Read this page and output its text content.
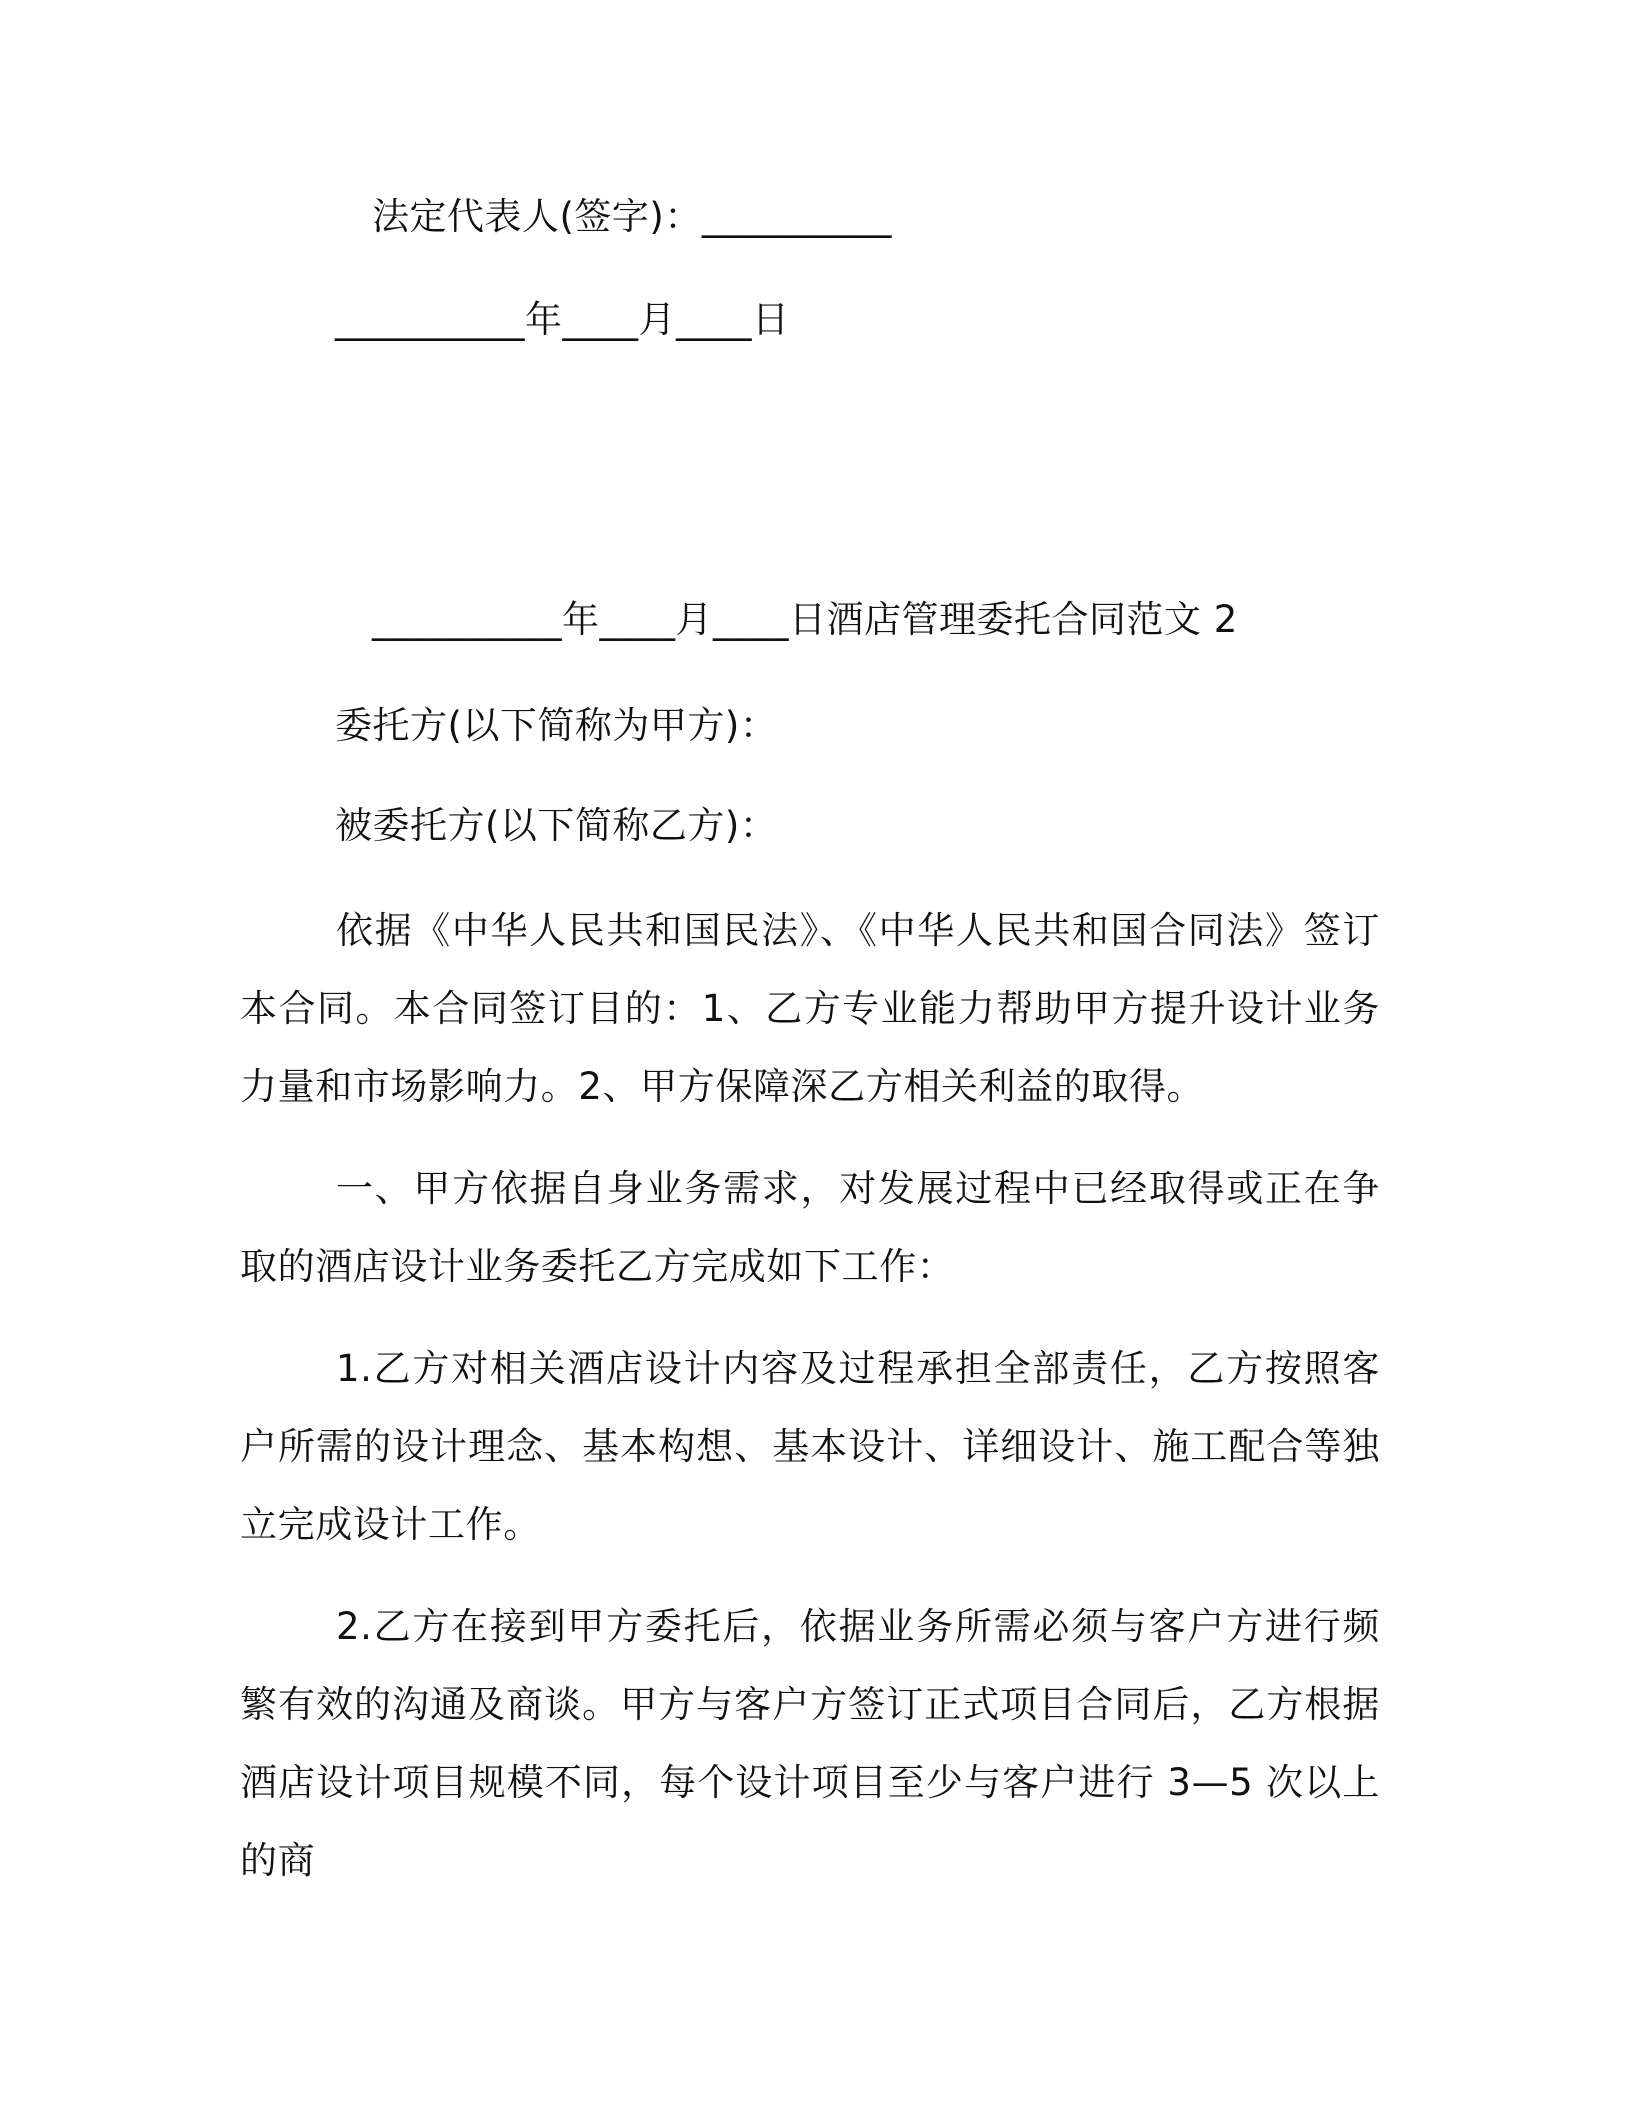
法定代表人(签字)：__________
__________年____月____日
__________年____月____日酒店管理委托合同范文 2
委托方(以下简称为甲方)：
被委托方(以下简称乙方)：
依据《中华人民共和国民法》、《中华人民共和国合同法》签订本合同。本合同签订目的：1、乙方专业能力帮助甲方提升设计业务力量和市场影响力。2、甲方保障深乙方相关利益的取得。
一、甲方依据自身业务需求，对发展过程中已经取得或正在争取的酒店设计业务委托乙方完成如下工作：
1.乙方对相关酒店设计内容及过程承担全部责任，乙方按照客户所需的设计理念、基本构想、基本设计、详细设计、施工配合等独立完成设计工作。
2.乙方在接到甲方委托后，依据业务所需必须与客户方进行频繁有效的沟通及商谈。甲方与客户方签订正式项目合同后，乙方根据酒店设计项目规模不同，每个设计项目至少与客户进行 3—5 次以上的商
